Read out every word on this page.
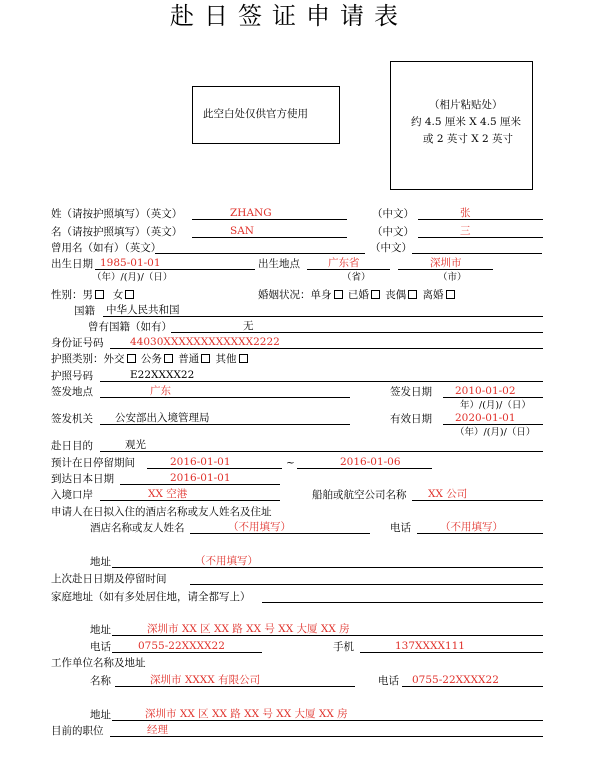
赴日签证申请表
此空白处仅供官方使用
（相片粘贴处）
约 4.5 厘米 X 4.5 厘米
或 2 英寸 X 2 英寸
姓（请按护照填写）（英文）	ZHANG	（中文）	张
名（请按护照填写）（英文）	SAN	（中文）	三
曾用名（如有）（英文）	（中文）
出生日期 1985-01-01	出生地点	广东省	深圳市
（年）/(月)/（日）	（省）	（市）
性别：男 女	婚姻状况：单身 已婚 丧偶 离婚
国籍 中华人民共和国
曾有国籍（如有）	无
身份证号码	44030XXXXXXXXXXXX2222
护照类别：外交 公务 普通 其他
护照号码	E22XXXX22
签发地点	广东	签发日期 2010-01-02
年）/(月)/（日）
签发机关 公安部出入境管理局	有效日期 2020-01-01
（年）/(月)/（日）
赴日目的	观光
预计在日停留期间	2016-01-01	~	2016-01-06
到达日本日期	2016-01-01
入境口岸	XX 空港	船舶或航空公司名称 XX 公司
申请人在日拟入住的酒店名称或友人姓名及住址
酒店名称或友人姓名	（不用填写）	电话	（不用填写）
地址	（不用填写）
上次赴日日期及停留时间
家庭地址（如有多处居住地，请全都写上）
地址	深圳市 XX 区 XX 路 XX 号 XX 大厦 XX 房
电话	0755-22XXXX22	手机	137XXXX111
工作单位名称及地址
名称	深圳市 XXXX 有限公司	电话 0755-22XXXX22
地址	深圳市 XX 区 XX 路 XX 号 XX 大厦 XX 房
目前的职位	经理
